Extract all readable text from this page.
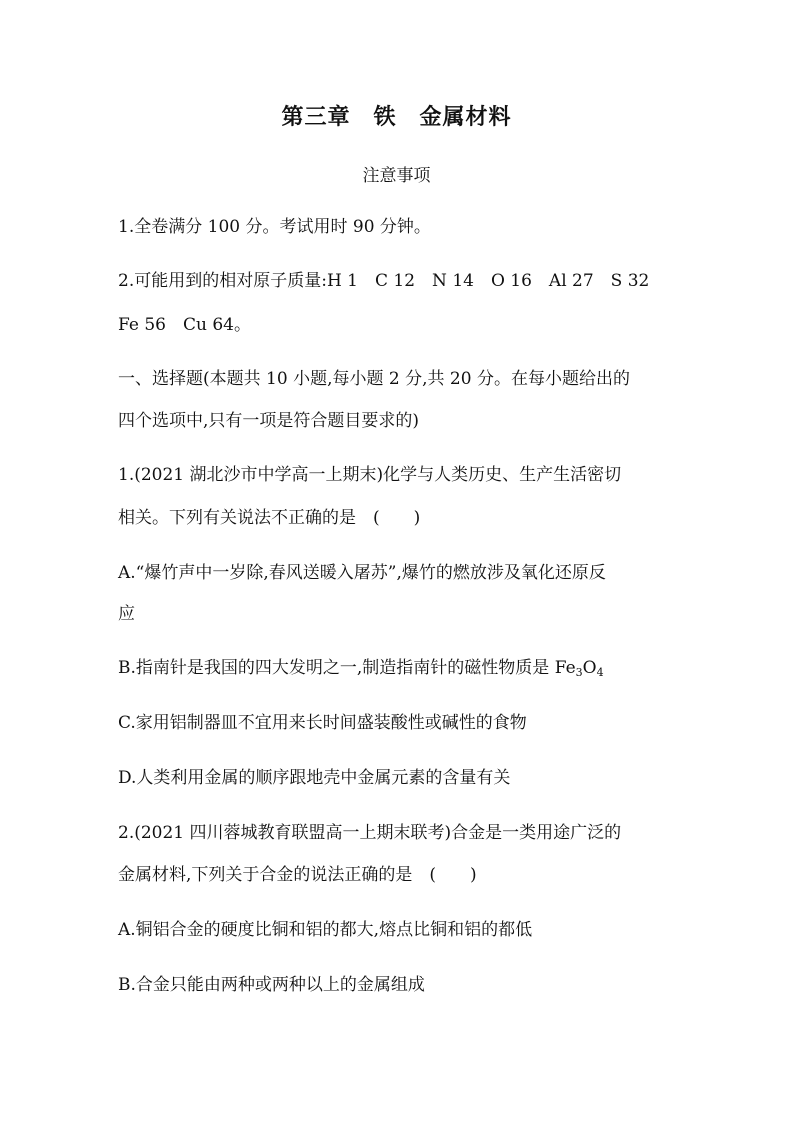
第三章　铁　金属材料
注意事项
1.全卷满分 100 分。考试用时 90 分钟。
2.可能用到的相对原子质量:H 1　C 12　N 14　O 16　Al 27　S 32
Fe 56　Cu 64。
一、选择题(本题共 10 小题,每小题 2 分,共 20 分。在每小题给出的
四个选项中,只有一项是符合题目要求的)
1.(2021 湖北沙市中学高一上期末)化学与人类历史、生产生活密切
相关。下列有关说法不正确的是　(　　)
A.“爆竹声中一岁除,春风送暖入屠苏”,爆竹的燃放涉及氧化还原反
应
B.指南针是我国的四大发明之一,制造指南针的磁性物质是 $Fe_3O_4$
C.家用铝制器皿不宜用来长时间盛装酸性或碱性的食物
D.人类利用金属的顺序跟地壳中金属元素的含量有关
2.(2021 四川蓉城教育联盟高一上期末联考)合金是一类用途广泛的
金属材料,下列关于合金的说法正确的是　(　　)
A.铜铝合金的硬度比铜和铝的都大,熔点比铜和铝的都低
B.合金只能由两种或两种以上的金属组成
